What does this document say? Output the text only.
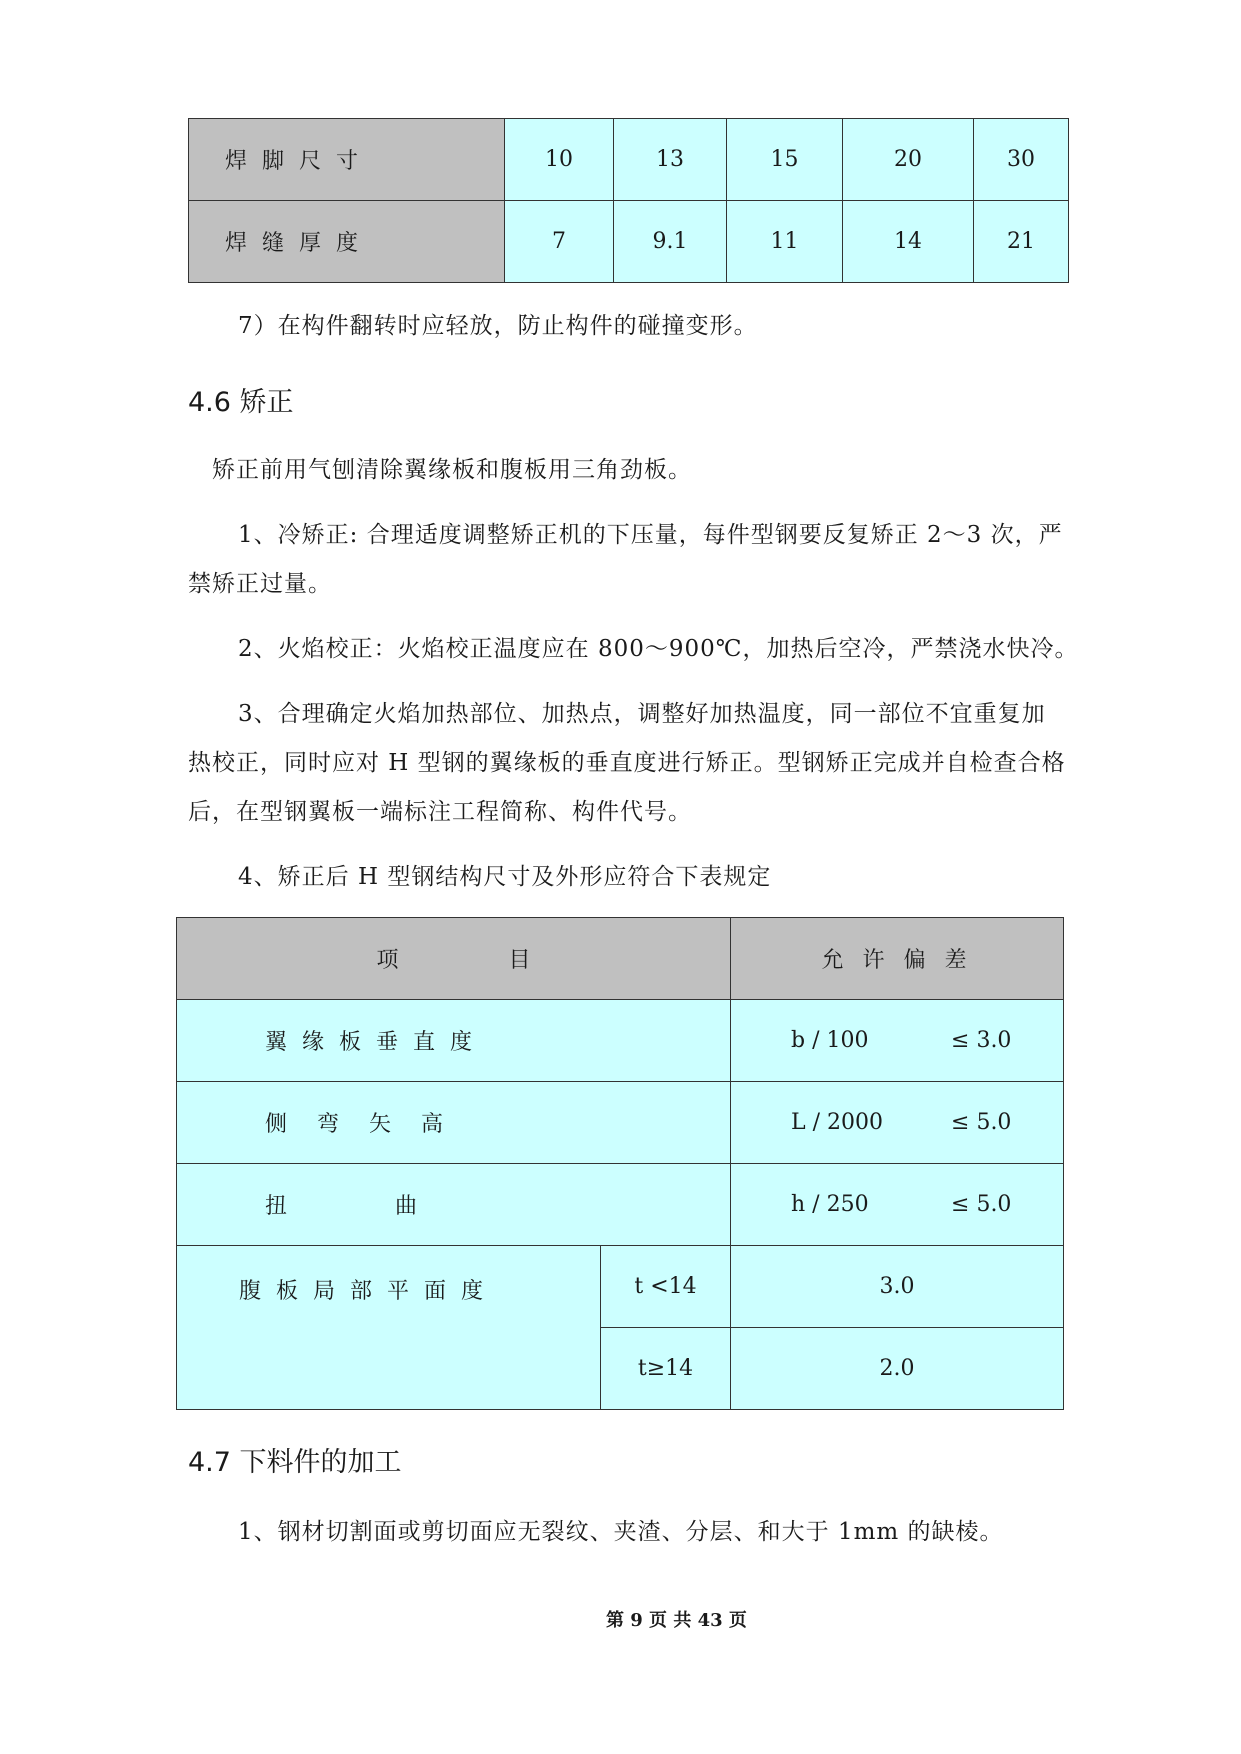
焊 脚 尺 寸	10	13	15	20	30
焊 缝 厚 度	7	9.1	11	14	21
7）在构件翻转时应轻放，防止构件的碰撞变形。
4.6 矫正
矫正前用气刨清除翼缘板和腹板用三角劲板。
1、冷矫正: 合理适度调整矫正机的下压量，每件型钢要反复矫正 2～3 次，严
禁矫正过量。
2、火焰校正：火焰校正温度应在 800～900℃，加热后空冷，严禁浇水快冷。
3、合理确定火焰加热部位、加热点，调整好加热温度，同一部位不宜重复加
热校正，同时应对 H 型钢的翼缘板的垂直度进行矫正。型钢矫正完成并自检查合格
后，在型钢翼板一端标注工程简称、构件代号。
4、矫正后 H 型钢结构尺寸及外形应符合下表规定
项　　　　　目		允 许 偏 差
翼 缘 板 垂 直 度		b / 100 ≤ 3.0
侧　弯　矢　高		L / 2000 ≤ 5.0
扭　　　　曲		h / 250 ≤ 5.0
腹 板 局 部 平 面 度	t <14	3.0
	t≥14	2.0
4.7 下料件的加工
1、钢材切割面或剪切面应无裂纹、夹渣、分层、和大于 1mm 的缺棱。
第 9 页 共 43 页
